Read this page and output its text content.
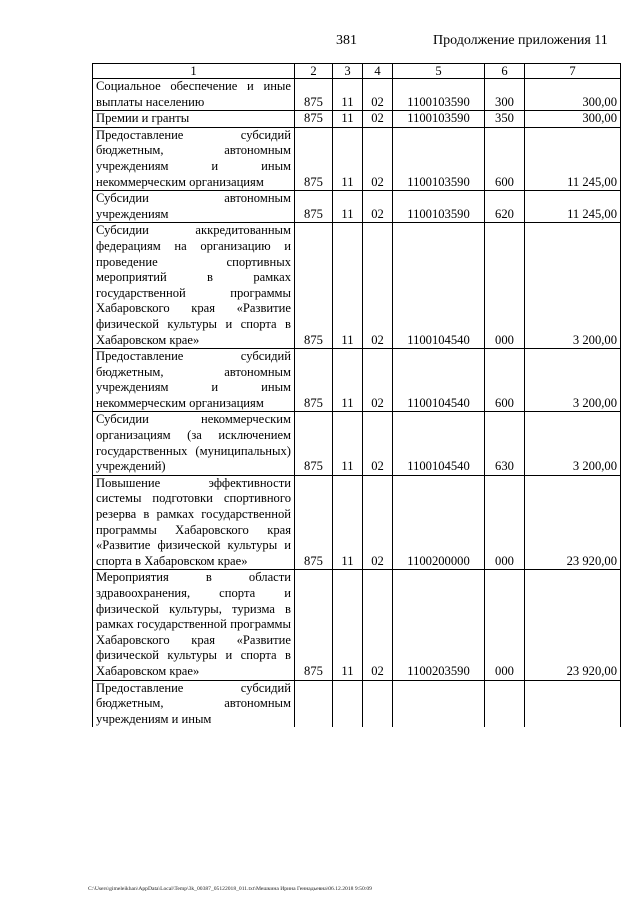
381	Продолжение приложения 11
1	2	3	4	5	6	7
Социальное обеспечение и иные выплаты населению	875	11	02	1100103590	300	300,00
Премии и гранты	875	11	02	1100103590	350	300,00
Предоставление субсидий бюджетным, автономным учреждениям и иным некоммерческим организациям	875	11	02	1100103590	600	11 245,00
Субсидии автономным учреждениям	875	11	02	1100103590	620	11 245,00
Субсидии аккредитованным федерациям на организацию и проведение спортивных мероприятий в рамках государственной программы Хабаровского края «Развитие физической культуры и спорта в Хабаровском крае»	875	11	02	1100104540	000	3 200,00
Предоставление субсидий бюджетным, автономным учреждениям и иным некоммерческим организациям	875	11	02	1100104540	600	3 200,00
Субсидии некоммерческим организациям (за исключением государственных (муниципальных) учреждений)	875	11	02	1100104540	630	3 200,00
Повышение эффективности системы подготовки спортивного резерва в рамках государственной программы Хабаровского края «Развитие физической культуры и спорта в Хабаровском крае»	875	11	02	1100200000	000	23 920,00
Мероприятия в области здравоохранения, спорта и физической культуры, туризма в рамках государственной программы Хабаровского края «Развитие физической культуры и спорта в Хабаровском крае»	875	11	02	1100203590	000	23 920,00
Предоставление субсидий бюджетным, автономным учреждениям и иным						
C:\Users\gimeleikhan\AppData\Local\Temp\3k_00387_05122018_011.txt\Мешкина Ирина Геннадьевна\06.12.2018 9:50:09
